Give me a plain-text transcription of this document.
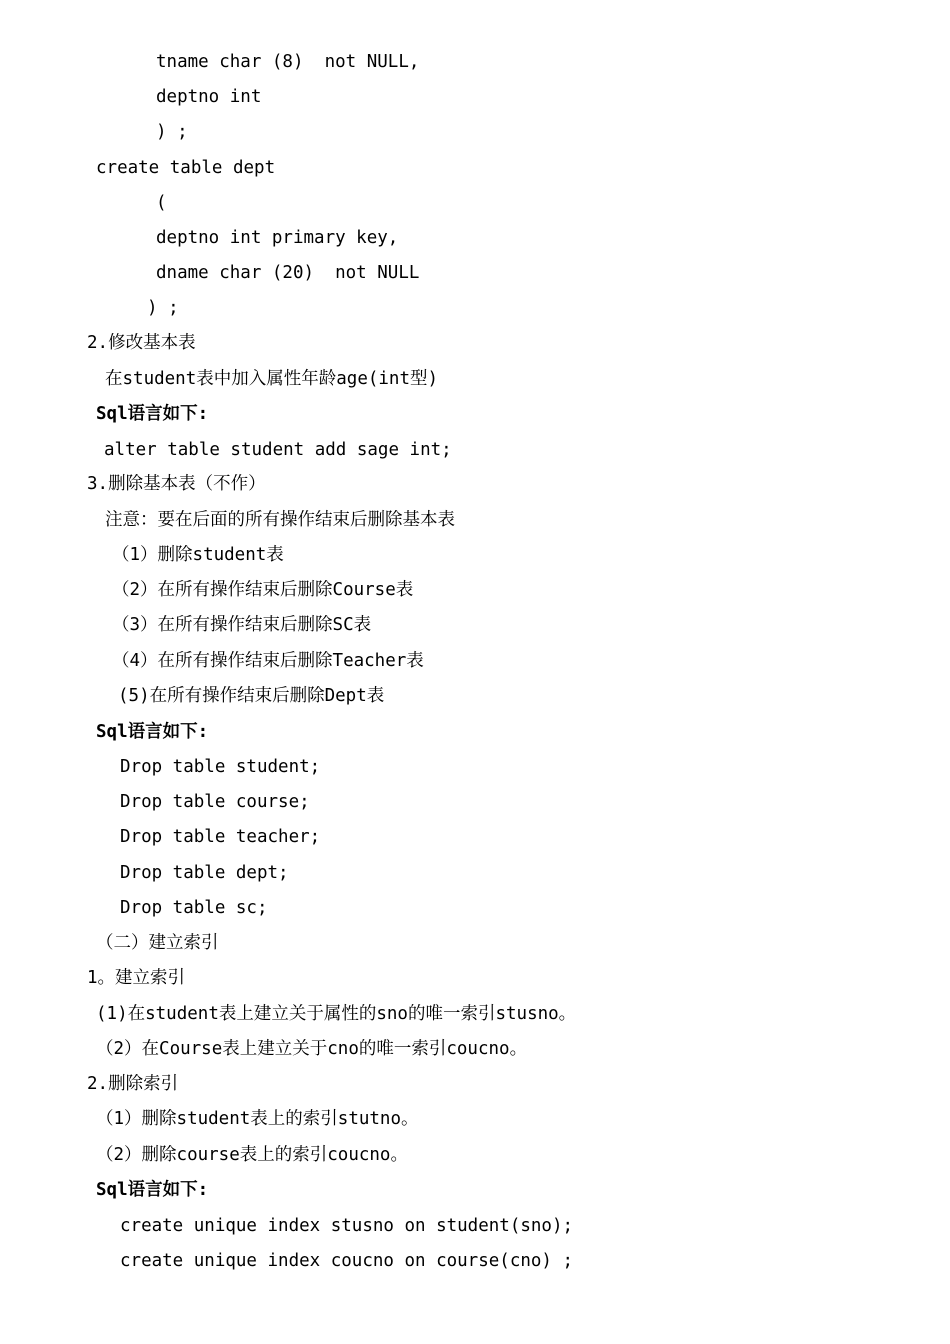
tname char (8)  not NULL,
deptno int
) ;
create table dept
(
deptno int primary key,
dname char (20)  not NULL
) ;
2.修改基本表
在student表中加入属性年龄age(int型)
Sql语言如下:
alter table student add sage int;
3.删除基本表（不作）
注意：要在后面的所有操作结束后删除基本表
（1）删除student表
（2）在所有操作结束后删除Course表
（3）在所有操作结束后删除SC表
（4）在所有操作结束后删除Teacher表
(5)在所有操作结束后删除Dept表
Sql语言如下:
Drop table student;
Drop table course;
Drop table teacher;
Drop table dept;
Drop table sc;
（二）建立索引
1。建立索引
(1)在student表上建立关于属性的sno的唯一索引stusno。
（2）在Course表上建立关于cno的唯一索引coucno。
2.删除索引
（1）删除student表上的索引stutno。
（2）删除course表上的索引coucno。
Sql语言如下:
create unique index stusno on student(sno);
create unique index coucno on course(cno) ;
